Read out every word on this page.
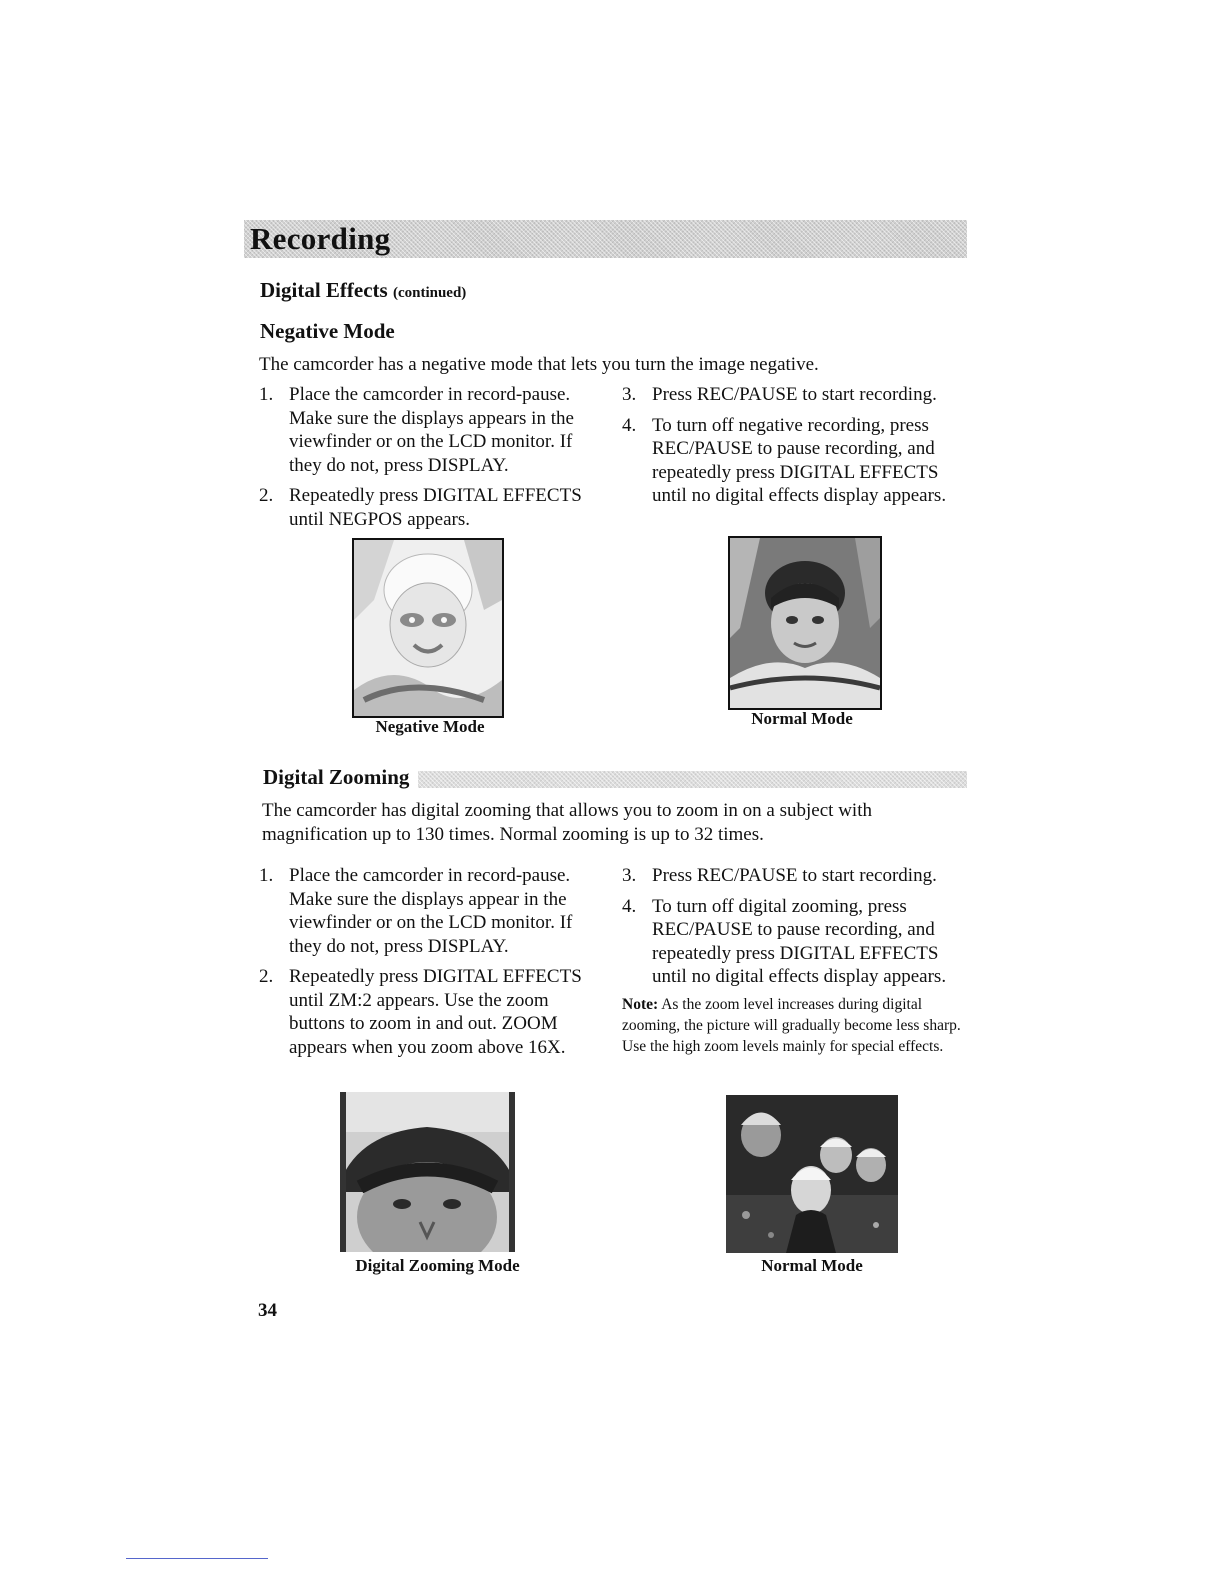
Recording
Digital Effects (continued)
Negative Mode
The camcorder has a negative mode that lets you turn the image negative.
1. Place the camcorder in record-pause. Make sure the displays appears in the viewfinder or on the LCD monitor. If they do not, press DISPLAY.
2. Repeatedly press DIGITAL EFFECTS until NEGPOS appears.
3. Press REC/PAUSE to start recording.
4. To turn off negative recording, press REC/PAUSE to pause recording, and repeatedly press DIGITAL EFFECTS until no digital effects display appears.
Negative Mode	Normal Mode
Digital Zooming
The camcorder has digital zooming that allows you to zoom in on a subject with magnification up to 130 times. Normal zooming is up to 32 times.
1. Place the camcorder in record-pause. Make sure the displays appear in the viewfinder or on the LCD monitor. If they do not, press DISPLAY.
2. Repeatedly press DIGITAL EFFECTS until ZM:2 appears. Use the zoom buttons to zoom in and out. ZOOM appears when you zoom above 16X.
3. Press REC/PAUSE to start recording.
4. To turn off digital zooming, press REC/PAUSE to pause recording, and repeatedly press DIGITAL EFFECTS until no digital effects display appears.
Note: As the zoom level increases during digital zooming, the picture will gradually become less sharp. Use the high zoom levels mainly for special effects.
Digital Zooming Mode	Normal Mode
34
